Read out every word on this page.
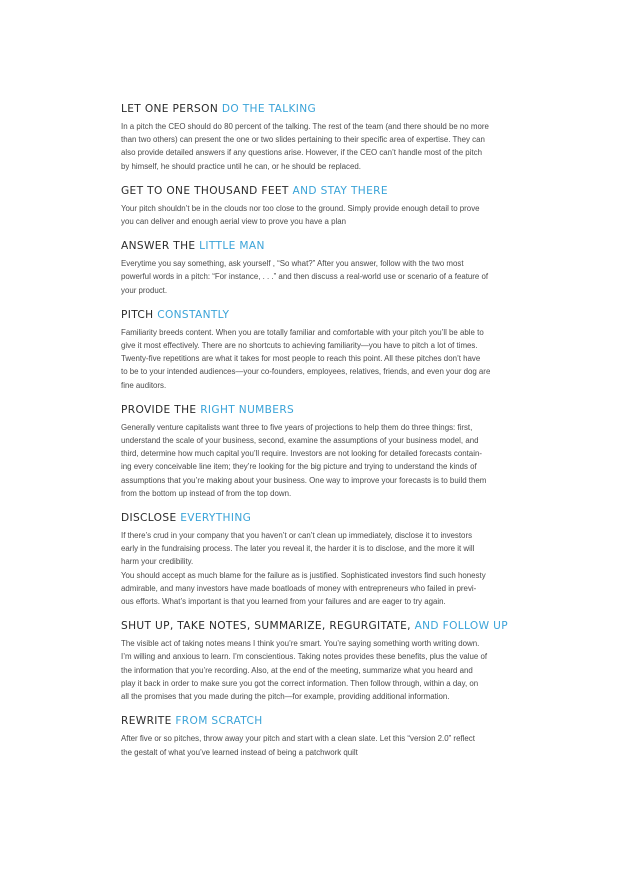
LET ONE PERSON DO THE TALKING

In a pitch the CEO should do 80 percent of the talking. The rest of the team (and there should be no more
than two others) can present the one or two slides pertaining to their specific area of expertise. They can
also provide detailed answers if any questions arise. However, if the CEO can’t handle most of the pitch
by himself, he should practice until he can, or he should be replaced.

GET TO ONE THOUSAND FEET AND STAY THERE

Your pitch shouldn’t be in the clouds nor too close to the ground. Simply provide enough detail to prove
you can deliver and enough aerial view to prove you have a plan

ANSWER THE LITTLE MAN

Everytime you say something, ask yourself , “So what?” After you answer, follow with the two most
powerful words in a pitch: “For instance, . . .” and then discuss a real-world use or scenario of a feature of
your product.

PITCH CONSTANTLY

Familiarity breeds content. When you are totally familiar and comfortable with your pitch you’ll be able to
give it most effectively. There are no shortcuts to achieving familiarity—you have to pitch a lot of times.
Twenty-five repetitions are what it takes for most people to reach this point. All these pitches don’t have
to be to your intended audiences—your co-founders, employees, relatives, friends, and even your dog are
fine auditors.

PROVIDE THE RIGHT NUMBERS

Generally venture capitalists want three to five years of projections to help them do three things: first,
understand the scale of your business, second, examine the assumptions of your business model, and
third, determine how much capital you’ll require. Investors are not looking for detailed forecasts contain-
ing every conceivable line item; they’re looking for the big picture and trying to understand the kinds of
assumptions that you’re making about your business. One way to improve your forecasts is to build them
from the bottom up instead of from the top down.

DISCLOSE EVERYTHING

If there’s crud in your company that you haven’t or can’t clean up immediately, disclose it to investors
early in the fundraising process. The later you reveal it, the harder it is to disclose, and the more it will
harm your credibility.

You should accept as much blame for the failure as is justified. Sophisticated investors find such honesty
admirable, and many investors have made boatloads of money with entrepreneurs who failed in previ-
ous efforts. What’s important is that you learned from your failures and are eager to try again.

SHUT UP, TAKE NOTES, SUMMARIZE, REGURGITATE, AND FOLLOW UP

The visible act of taking notes means I think you’re smart. You’re saying something worth writing down.
I’m willing and anxious to learn. I’m conscientious. Taking notes provides these benefits, plus the value of
the information that you’re recording. Also, at the end of the meeting, summarize what you heard and
play it back in order to make sure you got the correct information. Then follow through, within a day, on
all the promises that you made during the pitch—for example, providing additional information.

REWRITE FROM SCRATCH

After five or so pitches, throw away your pitch and start with a clean slate. Let this “version 2.0” reflect
the gestalt of what you’ve learned instead of being a patchwork quilt
